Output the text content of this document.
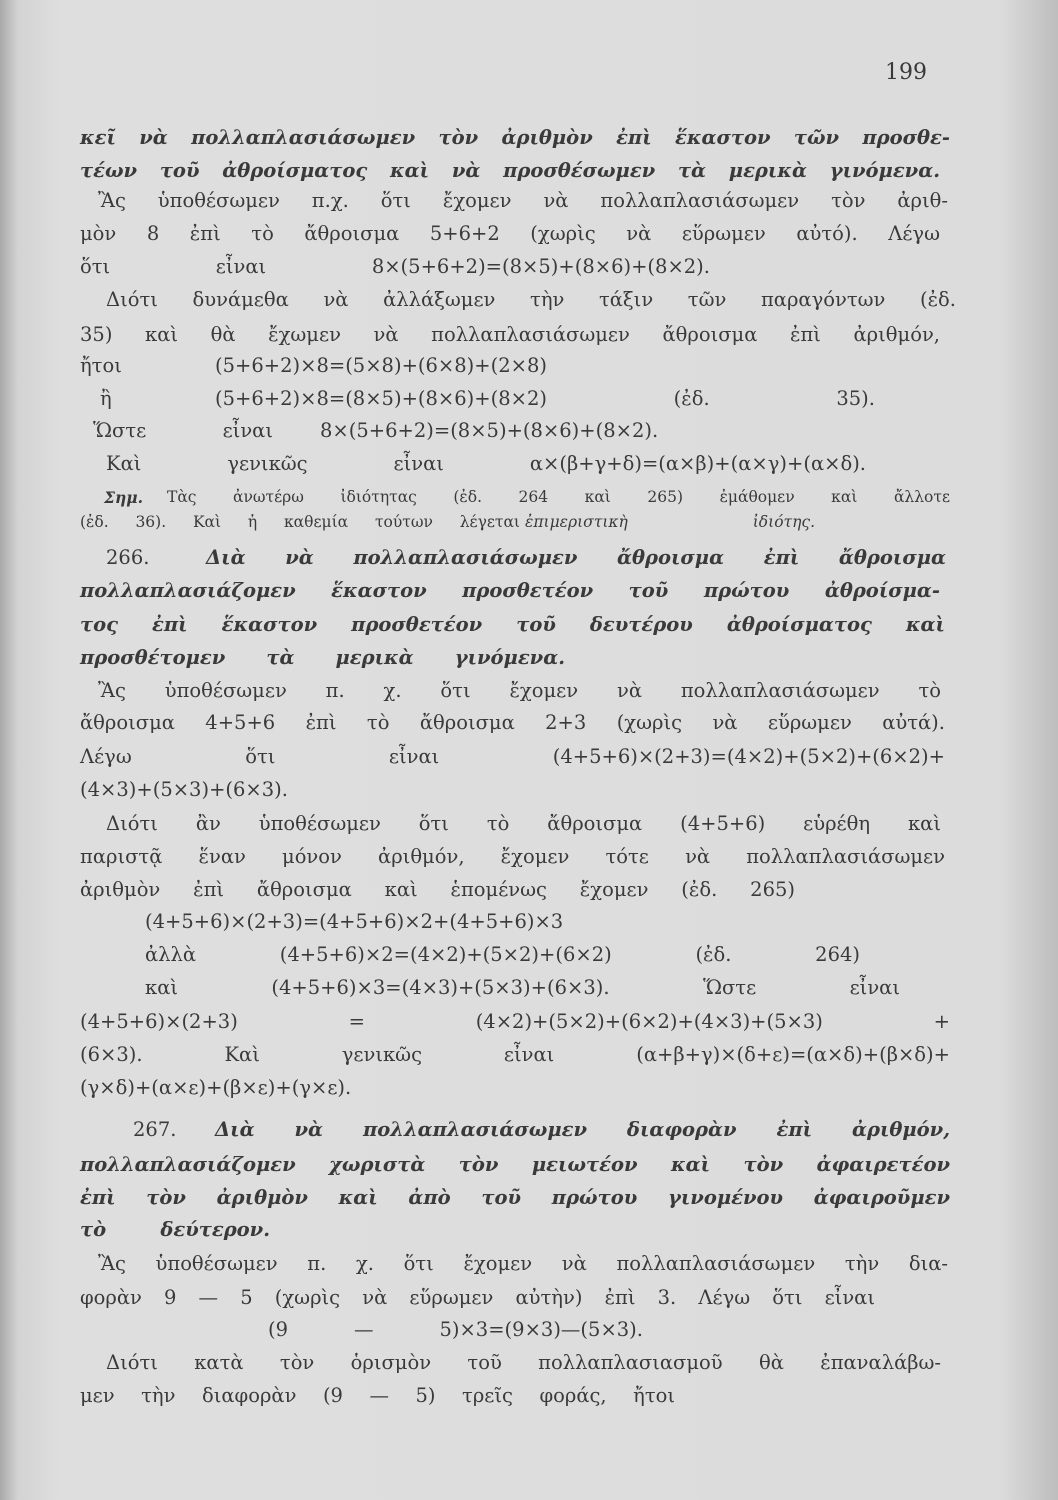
199
κεῖ νὰ πολλαπλασιάσωμεν τὸν ἀριθμὸν ἐπὶ ἕκαστον τῶν προσθε-
τέων τοῦ ἀθροίσματος καὶ νὰ προσθέσωμεν τὰ μερικὰ γινόμενα.
Ἂς ὑποθέσωμεν π.χ. ὅτι ἔχομεν νὰ πολλαπλασιάσωμεν τὸν ἀριθ-
μὸν 8 ἐπὶ τὸ ἄθροισμα 5+6+2 (χωρὶς νὰ εὕρωμεν αὐτό). Λέγω
ὅτι εἶναι 8×(5+6+2)=(8×5)+(8×6)+(8×2).
Διότι δυνάμεθα νὰ ἀλλάξωμεν τὴν τάξιν τῶν παραγόντων (ἐδ.
35) καὶ θὰ ἔχωμεν νὰ πολλαπλασιάσωμεν ἄθροισμα ἐπὶ ἀριθμόν,
ἤτοι	(5+6+2)×8=(5×8)+(6×8)+(2×8)
ἢ	(5+6+2)×8=(8×5)+(8×6)+(8×2) (ἐδ. 35).
Ὥστε εἶναι 8×(5+6+2)=(8×5)+(8×6)+(8×2).
Καὶ γενικῶς εἶναι α×(β+γ+δ)=(α×β)+(α×γ)+(α×δ).
Σημ.	Τὰς ἀνωτέρω ἰδιότητας (ἐδ. 264 καὶ 265) ἐμάθομεν καὶ ἄλλοτε
(ἐδ. 36). Καὶ ἡ καθεμία τούτων λέγεται ἐπιμεριστικὴ ἰδιότης.
266.	Διὰ νὰ πολλαπλασιάσωμεν ἄθροισμα ἐπὶ ἄθροισμα
πολλαπλασιάζομεν ἕκαστον προσθετέον τοῦ πρώτου ἀθροίσμα-
τος ἐπὶ ἕκαστον προσθετέον τοῦ δευτέρου ἀθροίσματος καὶ
προσθέτομεν τὰ μερικὰ γινόμενα.
Ἂς ὑποθέσωμεν π. χ. ὅτι ἔχομεν νὰ πολλαπλασιάσωμεν τὸ
ἄθροισμα 4+5+6 ἐπὶ τὸ ἄθροισμα 2+3 (χωρὶς νὰ εὕρωμεν αὐτά).
Λέγω ὅτι εἶναι (4+5+6)×(2+3)=(4×2)+(5×2)+(6×2)+
(4×3)+(5×3)+(6×3).
Διότι ἂν ὑποθέσωμεν ὅτι τὸ ἄθροισμα (4+5+6) εὑρέθη καὶ
παριστᾷ ἕναν μόνον ἀριθμόν, ἔχομεν τότε νὰ πολλαπλασιάσωμεν
ἀριθμὸν ἐπὶ ἄθροισμα καὶ ἑπομένως ἔχομεν (ἐδ. 265)
(4+5+6)×(2+3)=(4+5+6)×2+(4+5+6)×3
ἀλλὰ (4+5+6)×2=(4×2)+(5×2)+(6×2) (ἐδ. 264)
καὶ (4+5+6)×3=(4×3)+(5×3)+(6×3). Ὥστε εἶναι
(4+5+6)×(2+3) = (4×2)+(5×2)+(6×2)+(4×3)+(5×3) +
(6×3). Καὶ γενικῶς εἶναι (α+β+γ)×(δ+ε)=(α×δ)+(β×δ)+
(γ×δ)+(α×ε)+(β×ε)+(γ×ε).
267.	Διὰ νὰ πολλαπλασιάσωμεν διαφορὰν ἐπὶ ἀριθμόν,
πολλαπλασιάζομεν χωριστὰ τὸν μειωτέον καὶ τὸν ἀφαιρετέον
ἐπὶ τὸν ἀριθμὸν καὶ ἀπὸ τοῦ πρώτου γινομένου ἀφαιροῦμεν
τὸ δεύτερον.
Ἂς ὑποθέσωμεν π. χ. ὅτι ἔχομεν νὰ πολλαπλασιάσωμεν τὴν δια-
φορὰν 9 — 5 (χωρὶς νὰ εὕρωμεν αὐτὴν) ἐπὶ 3. Λέγω ὅτι εἶναι
(9 — 5)×3=(9×3)—(5×3).
Διότι κατὰ τὸν ὁρισμὸν τοῦ πολλαπλασιασμοῦ θὰ ἐπαναλάβω-
μεν τὴν διαφορὰν (9 — 5) τρεῖς φοράς, ἤτοι
